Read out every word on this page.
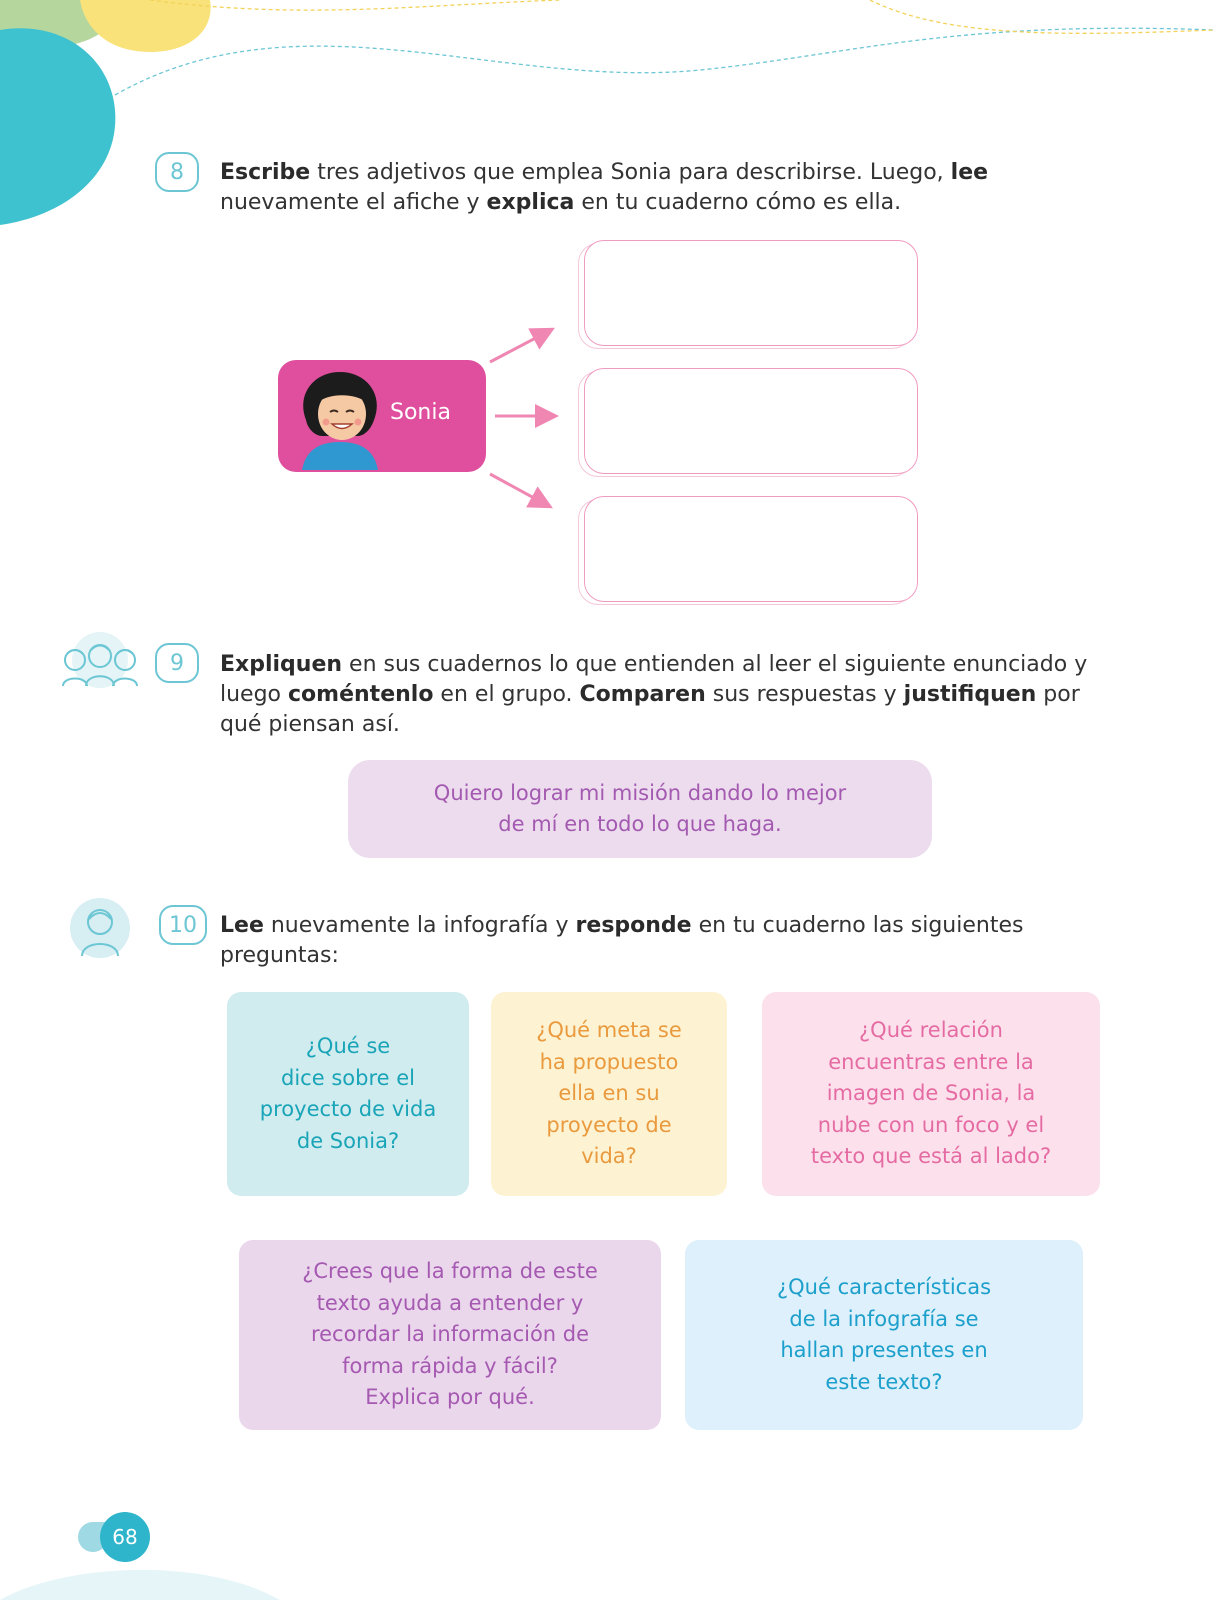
8 Escribe tres adjetivos que emplea Sonia para describirse. Luego, lee nuevamente el afiche y explica en tu cuaderno cómo es ella.
Sonia
9 Expliquen en sus cuadernos lo que entienden al leer el siguiente enunciado y luego coméntenlo en el grupo. Comparen sus respuestas y justifiquen por qué piensan así.
Quiero lograr mi misión dando lo mejor
de mí en todo lo que haga.
10 Lee nuevamente la infografía y responde en tu cuaderno las siguientes preguntas:
¿Qué se
dice sobre el
proyecto de vida
de Sonia?
¿Qué meta se
ha propuesto
ella en su
proyecto de
vida?
¿Qué relación
encuentras entre la
imagen de Sonia, la
nube con un foco y el
texto que está al lado?
¿Crees que la forma de este
texto ayuda a entender y
recordar la información de
forma rápida y fácil?
Explica por qué.
¿Qué características
de la infografía se
hallan presentes en
este texto?
68
